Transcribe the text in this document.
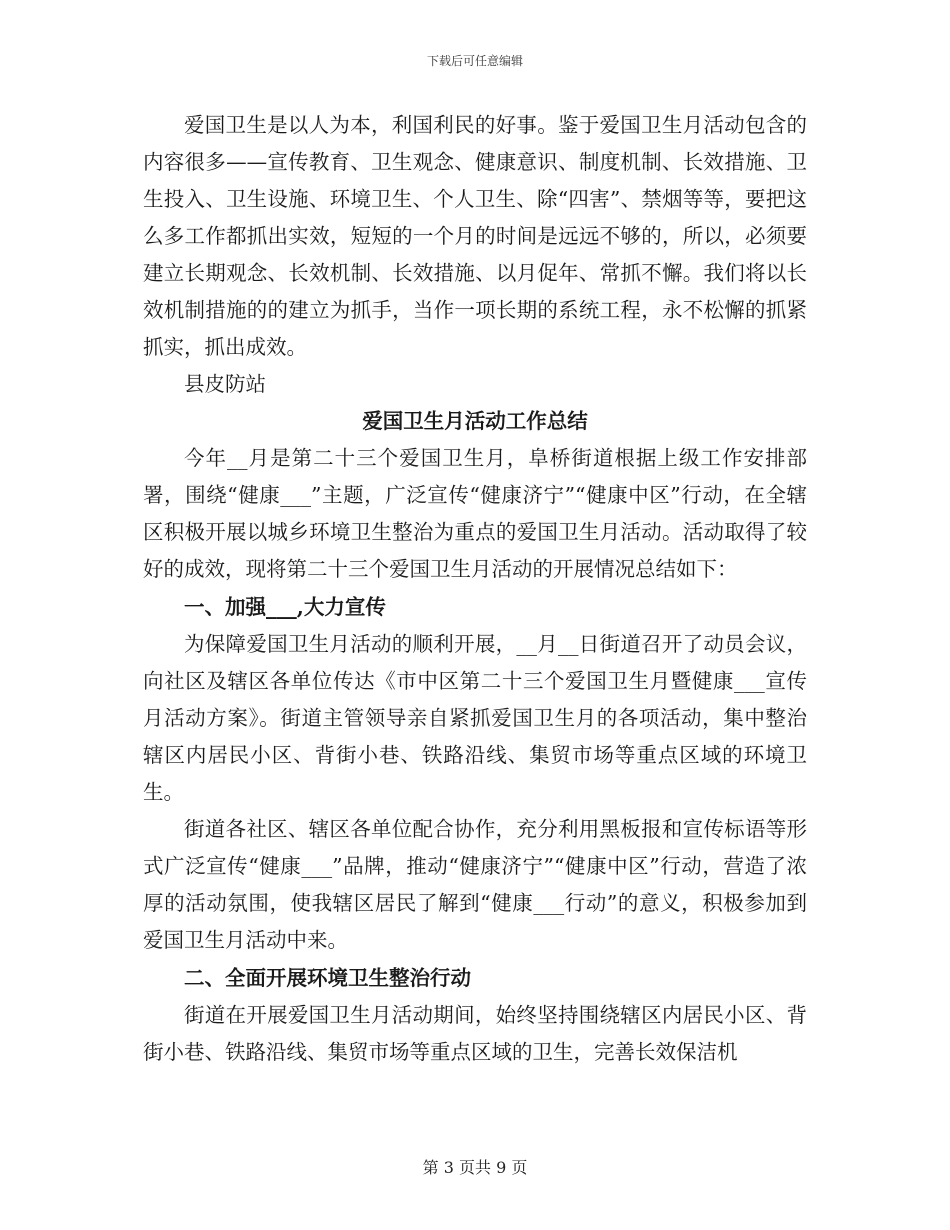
下载后可任意编辑

爱国卫生是以人为本，利国利民的好事。鉴于爱国卫生月活动包含的内容很多——宣传教育、卫生观念、健康意识、制度机制、长效措施、卫生投入、卫生设施、环境卫生、个人卫生、除“四害”、禁烟等等，要把这么多工作都抓出实效，短短的一个月的时间是远远不够的，所以，必须要建立长期观念、长效机制、长效措施、以月促年、常抓不懈。我们将以长效机制措施的的建立为抓手，当作一项长期的系统工程，永不松懈的抓紧抓实，抓出成效。

县皮防站

爱国卫生月活动工作总结

今年__月是第二十三个爱国卫生月，阜桥街道根据上级工作安排部署，围绕“健康___”主题，广泛宣传“健康济宁”“健康中区”行动，在全辖区积极开展以城乡环境卫生整治为重点的爱国卫生月活动。活动取得了较好的成效，现将第二十三个爱国卫生月活动的开展情况总结如下：

一、加强___,大力宣传

为保障爱国卫生月活动的顺利开展，__月__日街道召开了动员会议，向社区及辖区各单位传达《市中区第二十三个爱国卫生月暨健康___宣传月活动方案》。街道主管领导亲自紧抓爱国卫生月的各项活动，集中整治辖区内居民小区、背街小巷、铁路沿线、集贸市场等重点区域的环境卫生。

街道各社区、辖区各单位配合协作，充分利用黑板报和宣传标语等形式广泛宣传“健康___”品牌，推动“健康济宁”“健康中区”行动，营造了浓厚的活动氛围，使我辖区居民了解到“健康___行动”的意义，积极参加到爱国卫生月活动中来。

二、全面开展环境卫生整治行动

街道在开展爱国卫生月活动期间，始终坚持围绕辖区内居民小区、背街小巷、铁路沿线、集贸市场等重点区域的卫生，完善长效保洁机

第 3 页共 9 页
